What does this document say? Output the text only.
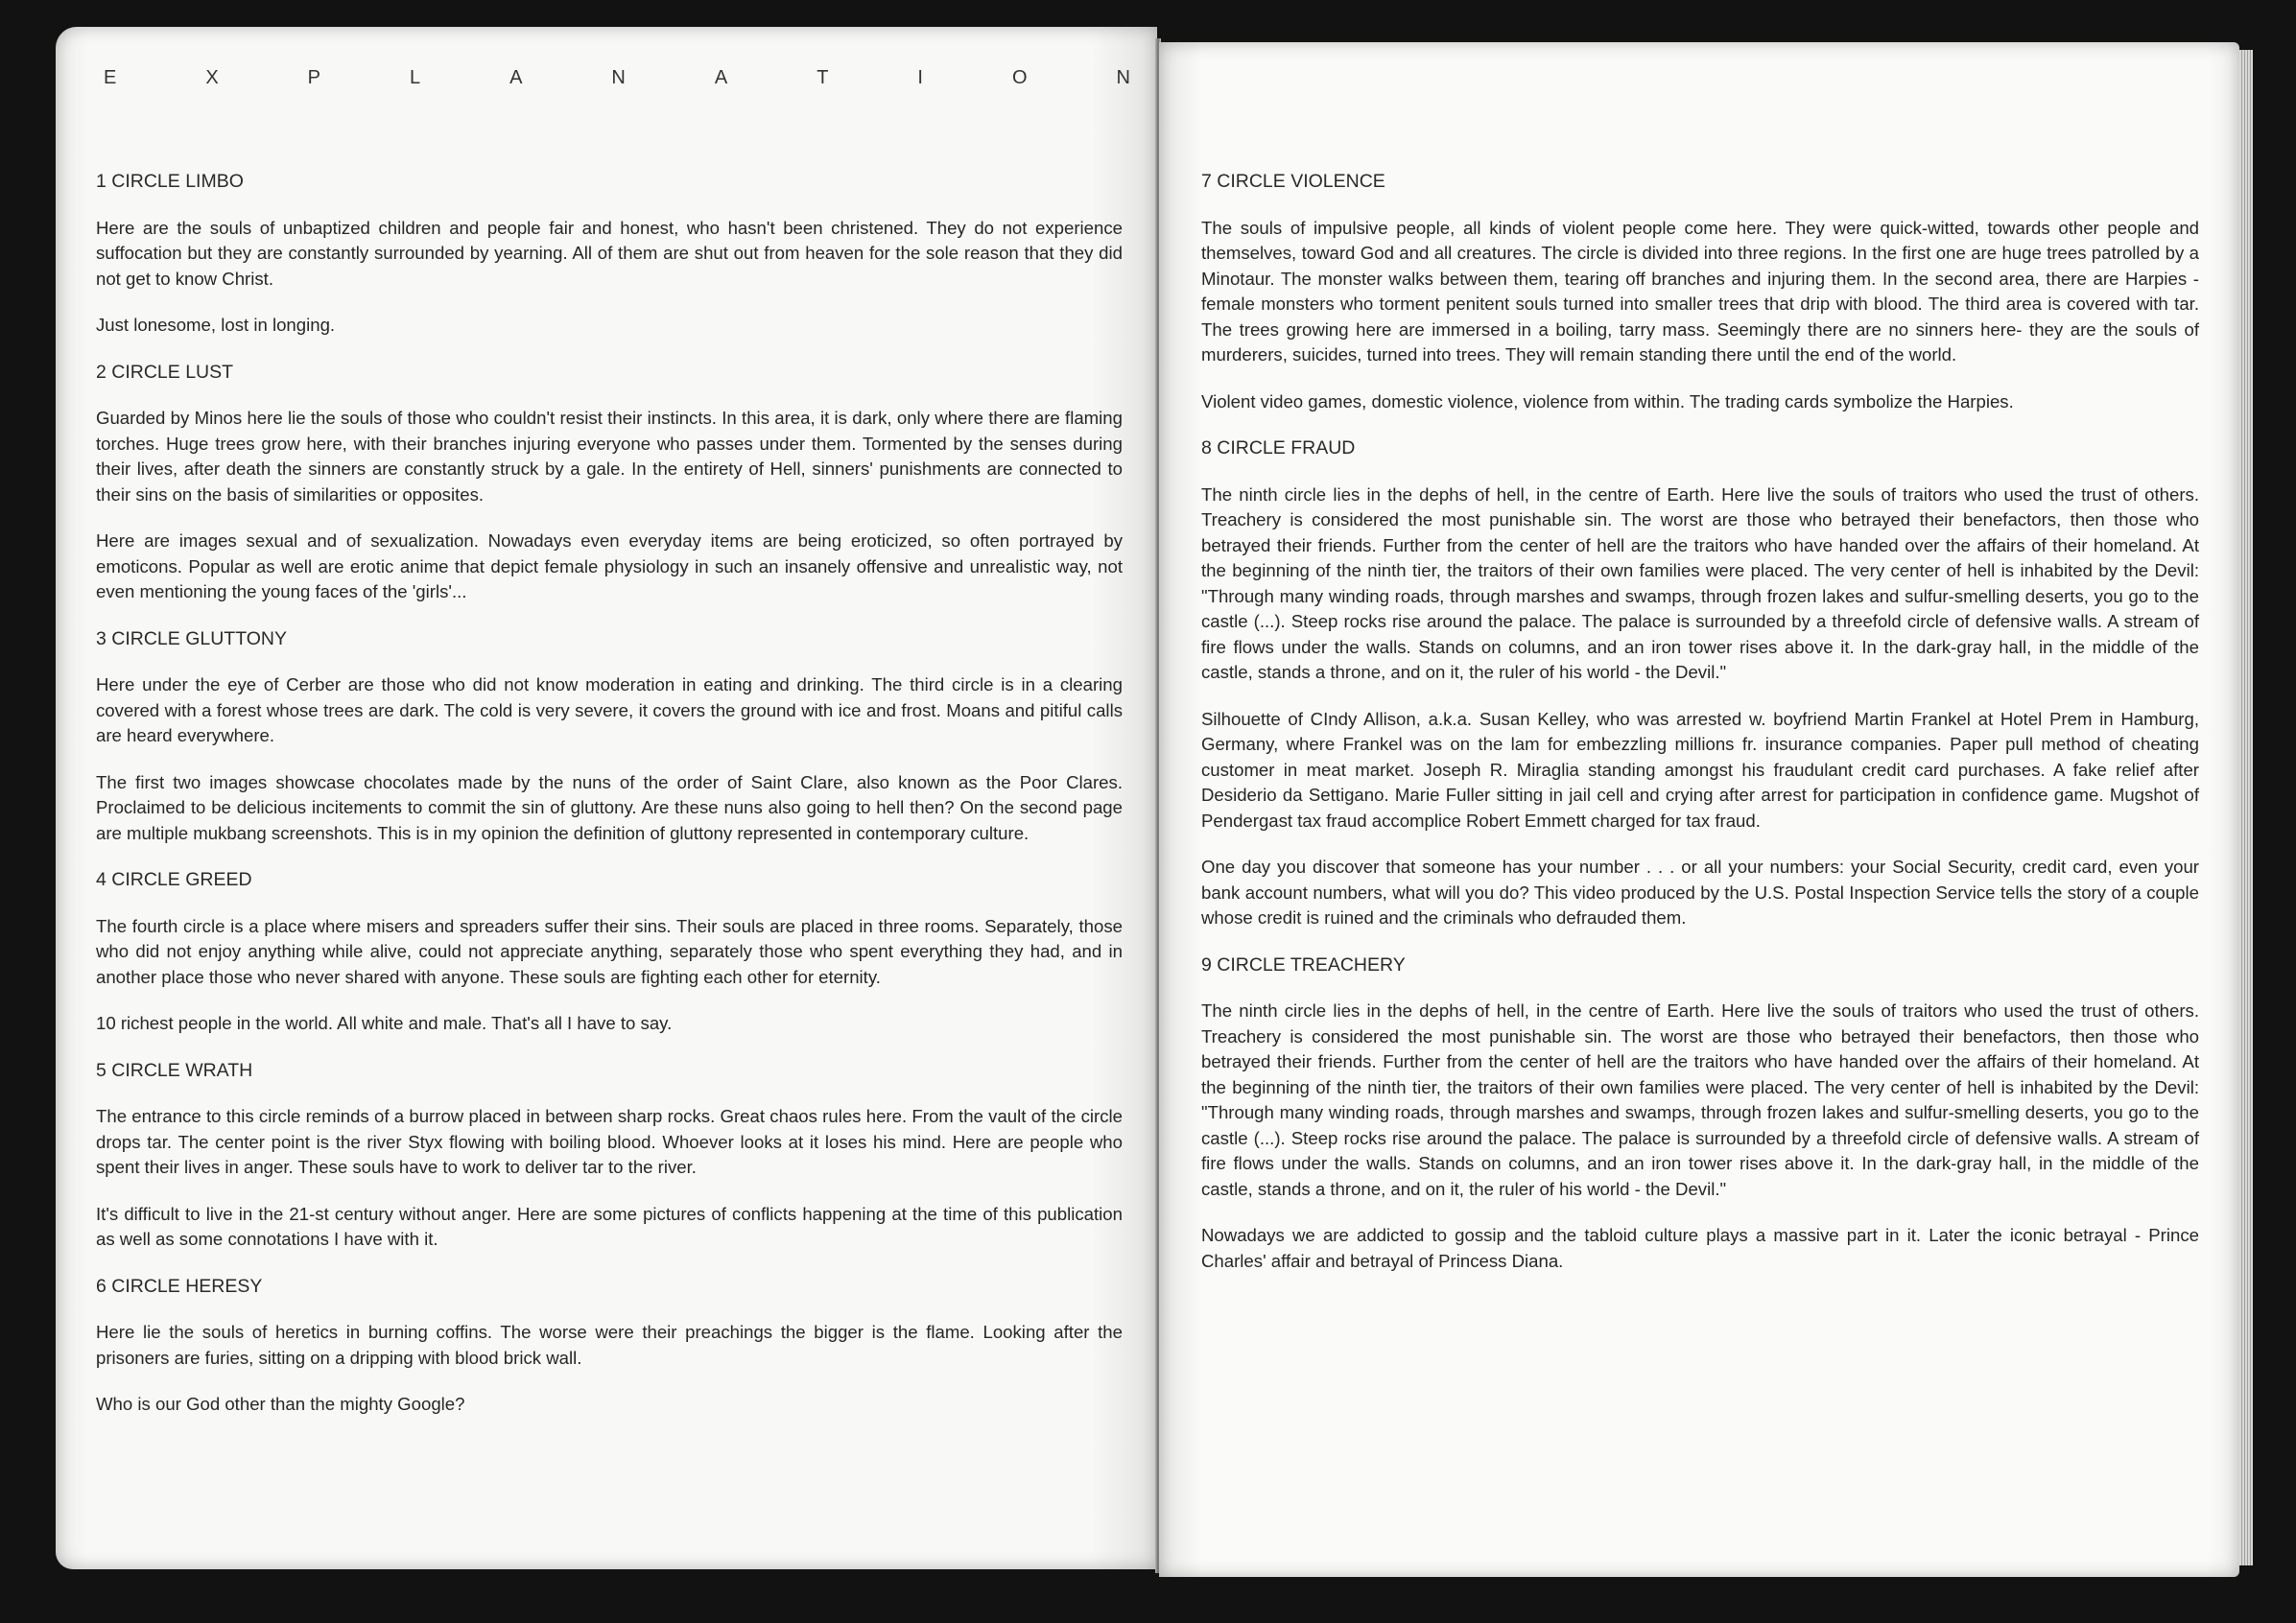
E	X	P	L	A	N	A	T	I	O	N
1 CIRCLE LIMBO

Here are the souls of unbaptized children and people fair and honest, who hasn't been christened. They do not experience suffocation but they are constantly surrounded by yearning. All of them are shut out from heaven for the sole reason that they did not get to know Christ.

Just lonesome, lost in longing.

2 CIRCLE LUST

Guarded by Minos here lie the souls of those who couldn't resist their instincts. In this area, it is dark, only where there are flaming torches. Huge trees grow here, with their branches injuring everyone who passes under them. Tormented by the senses during their lives, after death the sinners are constantly struck by a gale. In the entirety of Hell, sinners' punishments are connected to their sins on the basis of similarities or opposites.

Here are images sexual and of sexualization. Nowadays even everyday items are being eroticized, so often portrayed by emoticons. Popular as well are erotic anime that depict female physiology in such an insanely offensive and unrealistic way, not even mentioning the young faces of the 'girls'...

3 CIRCLE GLUTTONY

Here under the eye of Cerber are those who did not know moderation in eating and drinking. The third circle is in a clearing covered with a forest whose trees are dark. The cold is very severe, it covers the ground with ice and frost. Moans and pitiful calls are heard everywhere.

The first two images showcase chocolates made by the nuns of the order of Saint Clare, also known as the Poor Clares. Proclaimed to be delicious incitements to commit the sin of gluttony. Are these nuns also going to hell then? On the second page are multiple mukbang screenshots. This is in my opinion the definition of gluttony represented in contemporary culture.

4 CIRCLE GREED

The fourth circle is a place where misers and spreaders suffer their sins. Their souls are placed in three rooms. Separately, those who did not enjoy anything while alive, could not appreciate anything, separately those who spent everything they had, and in another place those who never shared with anyone. These souls are fighting each other for eternity.

10 richest people in the world. All white and male. That's all I have to say.

5 CIRCLE WRATH

The entrance to this circle reminds of a burrow placed in between sharp rocks. Great chaos rules here. From the vault of the circle drops tar. The center point is the river Styx flowing with boiling blood. Whoever looks at it loses his mind. Here are people who spent their lives in anger. These souls have to work to deliver tar to the river.

It's difficult to live in the 21-st century without anger. Here are some pictures of conflicts happening at the time of this publication as well as some connotations I have with it.

6 CIRCLE HERESY

Here lie the souls of heretics in burning coffins. The worse were their preachings the bigger is the flame. Looking after the prisoners are furies, sitting on a dripping with blood brick wall.

Who is our God other than the mighty Google?

7 CIRCLE VIOLENCE

The souls of impulsive people, all kinds of violent people come here. They were quick-witted, towards other people and themselves, toward God and all creatures. The circle is divided into three regions. In the first one are huge trees patrolled by a Minotaur. The monster walks between them, tearing off branches and injuring them. In the second area, there are Harpies - female monsters who torment penitent souls turned into smaller trees that drip with blood. The third area is covered with tar. The trees growing here are immersed in a boiling, tarry mass. Seemingly there are no sinners here- they are the souls of murderers, suicides, turned into trees. They will remain standing there until the end of the world.

Violent video games, domestic violence, violence from within. The trading cards symbolize the Harpies.

8 CIRCLE FRAUD

The ninth circle lies in the dephs of hell, in the centre of Earth. Here live the souls of traitors who used the trust of others. Treachery is considered the most punishable sin. The worst are those who betrayed their benefactors, then those who betrayed their friends. Further from the center of hell are the traitors who have handed over the affairs of their homeland. At the beginning of the ninth tier, the traitors of their own families were placed. The very center of hell is inhabited by the Devil: "Through many winding roads, through marshes and swamps, through frozen lakes and sulfur-smelling deserts, you go to the castle (...). Steep rocks rise around the palace. The palace is surrounded by a threefold circle of defensive walls. A stream of fire flows under the walls. Stands on columns, and an iron tower rises above it. In the dark-gray hall, in the middle of the castle, stands a throne, and on it, the ruler of his world - the Devil."

Silhouette of CIndy Allison, a.k.a. Susan Kelley, who was arrested w. boyfriend Martin Frankel at Hotel Prem in Hamburg, Germany, where Frankel was on the lam for embezzling millions fr. insurance companies. Paper pull method of cheating customer in meat market. Joseph R. Miraglia standing amongst his fraudulant credit card purchases. A fake relief after Desiderio da Settigano. Marie Fuller sitting in jail cell and crying after arrest for participation in confidence game. Mugshot of Pendergast tax fraud accomplice Robert Emmett charged for tax fraud.

One day you discover that someone has your number . . . or all your numbers: your Social Security, credit card, even your bank account numbers, what will you do? This video produced by the U.S. Postal Inspection Service tells the story of a couple whose credit is ruined and the criminals who defrauded them.

9 CIRCLE TREACHERY

The ninth circle lies in the dephs of hell, in the centre of Earth. Here live the souls of traitors who used the trust of others. Treachery is considered the most punishable sin. The worst are those who betrayed their benefactors, then those who betrayed their friends. Further from the center of hell are the traitors who have handed over the affairs of their homeland. At the beginning of the ninth tier, the traitors of their own families were placed. The very center of hell is inhabited by the Devil: "Through many winding roads, through marshes and swamps, through frozen lakes and sulfur-smelling deserts, you go to the castle (...). Steep rocks rise around the palace. The palace is surrounded by a threefold circle of defensive walls. A stream of fire flows under the walls. Stands on columns, and an iron tower rises above it. In the dark-gray hall, in the middle of the castle, stands a throne, and on it, the ruler of his world - the Devil."

Nowadays we are addicted to gossip and the tabloid culture plays a massive part in it. Later the iconic betrayal - Prince Charles' affair and betrayal of Princess Diana.
